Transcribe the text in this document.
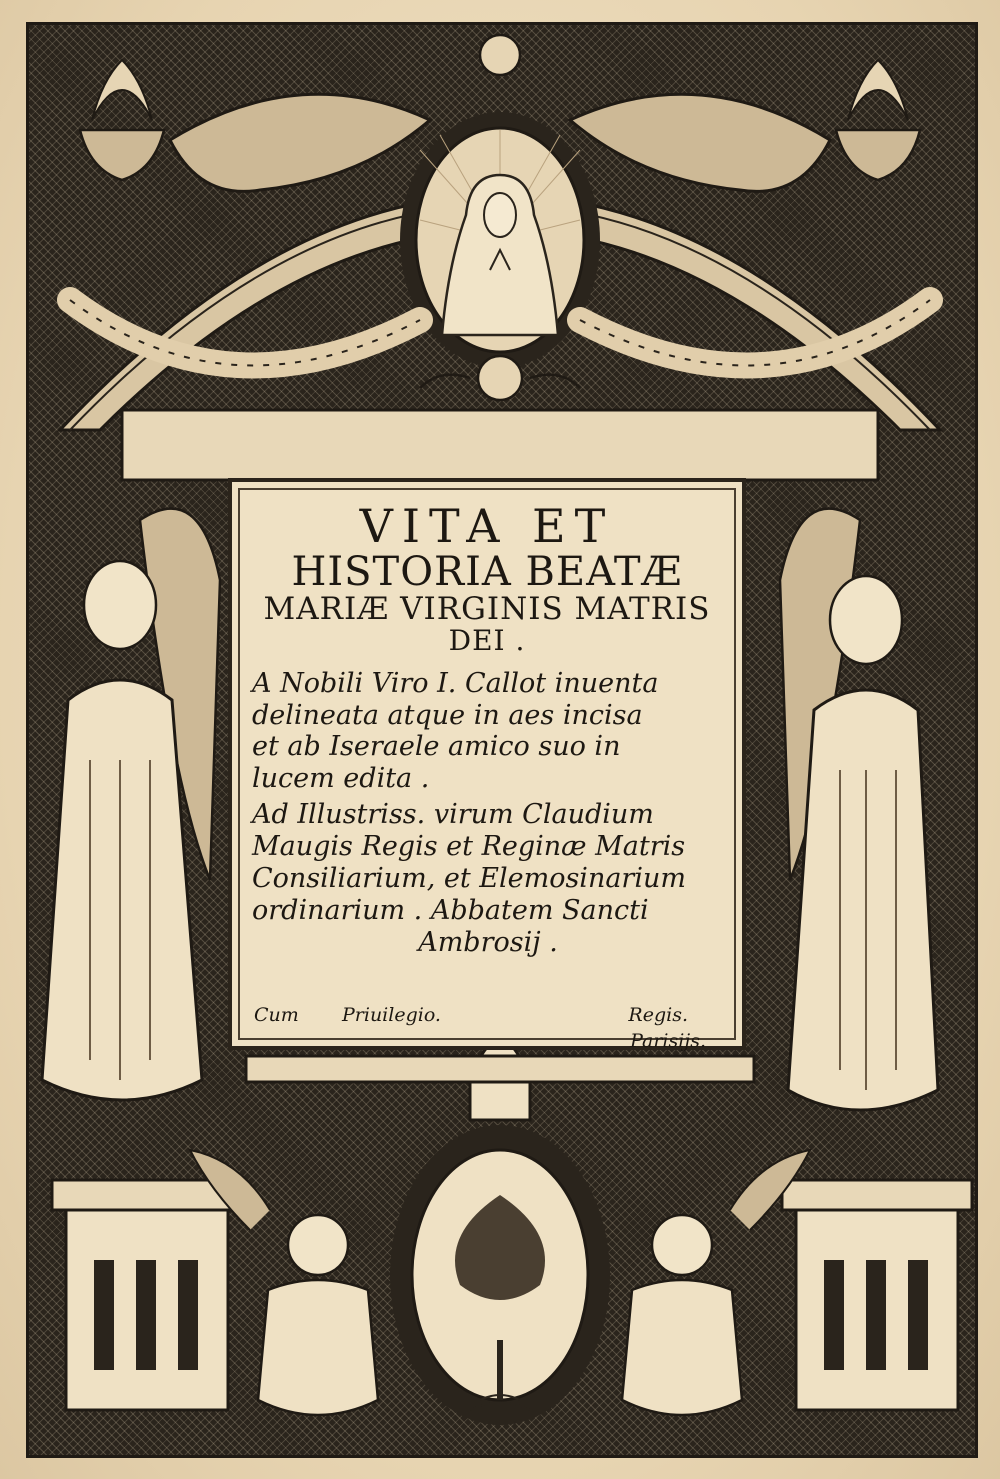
VITA ET
HISTORIA BEATÆ
MARIÆ VIRGINIS MATRIS
DEI .
A Nobili Viro I. Callot inuenta
delineata atque in aes incisa
et ab Iseraele amico suo in
lucem edita .
Ad Illustriss. virum Claudium
Maugis Regis et Reginæ Matris
Consiliarium, et Elemosinarium
ordinarium . Abbatem Sancti
Ambrosij .
Cum Priuilegio.	Regis.
Parisijs.
